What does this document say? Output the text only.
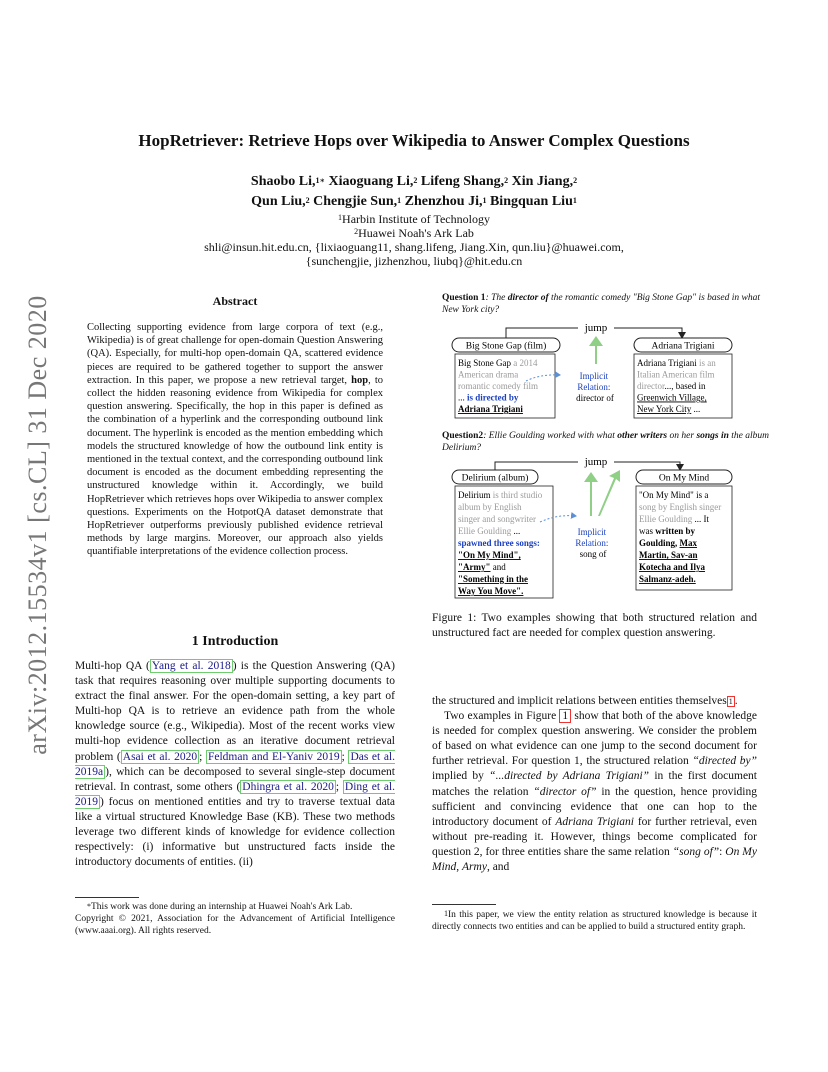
arXiv:2012.15534v1 [cs.CL] 31 Dec 2020
HopRetriever: Retrieve Hops over Wikipedia to Answer Complex Questions
Shaobo Li,$^{1∗}$ Xiaoguang Li,$^2$ Lifeng Shang,$^2$ Xin Jiang,$^2$
Qun Liu,$^2$ Chengjie Sun,$^1$ Zhenzhou Ji,$^1$ Bingquan Liu$^1$
$^1$Harbin Institute of Technology
$^2$Huawei Noah's Ark Lab
shli@insun.hit.edu.cn, {lixiaoguang11, shang.lifeng, Jiang.Xin, qun.liu}@huawei.com,
{sunchengjie, jizhenzhou, liubq}@hit.edu.cn
Abstract
Collecting supporting evidence from large corpora of text (e.g., Wikipedia) is of great challenge for open-domain Question Answering (QA). Especially, for multi-hop open-domain QA, scattered evidence pieces are required to be gathered together to support the answer extraction. In this paper, we propose a new retrieval target, hop, to collect the hidden reasoning evidence from Wikipedia for complex question answering. Specifically, the hop in this paper is defined as the combination of a hyperlink and the corresponding outbound link document. The hyperlink is encoded as the mention embedding which models the structured knowledge of how the outbound link entity is mentioned in the textual context, and the corresponding outbound link document is encoded as the document embedding representing the unstructured knowledge within it. Accordingly, we build HopRetriever which retrieves hops over Wikipedia to answer complex questions. Experiments on the HotpotQA dataset demonstrate that HopRetriever outperforms previously published evidence retrieval methods by large margins. Moreover, our approach also yields quantifiable interpretations of the evidence collection process.
1 Introduction
Multi-hop QA ( Yang et al. 2018 ) is the Question Answering (QA) task that requires reasoning over multiple supporting documents to extract the final answer. For the open-domain setting, a key part of Multi-hop QA is to retrieve an evidence path from the whole knowledge source (e.g., Wikipedia). Most of the recent works view multi-hop evidence collection as an iterative document retrieval problem ( Asai et al. 2020 ; Feldman and El-Yaniv 2019 ; Das et al. 2019a ), which can be decomposed to several single-step document retrieval. In contrast, some others ( Dhingra et al. 2020 ; Ding et al. 2019 ) focus on mentioned entities and try to traverse textual data like a virtual structured Knowledge Base (KB). These two methods leverage two different kinds of knowledge for evidence collection respectively: (i) informative but unstructured facts inside the introductory documents of entities. (ii)

*This work was done during an internship at Huawei Noah's Ark Lab.

Copyright © 2021, Association for the Advancement of Artificial Intelligence (www.aaai.org). All rights reserved.

Question 1: The director of the romantic comedy "Big Stone Gap" is based in what New York city?
jump
Big Stone Gap (film)	Adriana Trigiani
Big Stone Gap a 2014 American drama romantic comedy film ... is directed by Adriana Trigiani
Adriana Trigiani is an Italian American film director..., based in Greenwich Village, New York City ...
Implicit Relation: director of
Question2: Ellie Goulding worked with what other writers on her songs in the album Delirium?
jump
Delirium (album)	On My Mind
Delirium is third studio album by English singer and songwriter Ellie Goulding ... spawned three songs: "On My Mind", "Army" and "Something in the Way You Move".
"On My Mind" is a song by English singer Ellie Goulding ... It was written by Goulding, Max Martin, Sav-an Kotecha and Ilya Salmanz-adeh.
Implicit Relation: song of
Figure 1: Two examples showing that both structured relation and unstructured fact are needed for complex question answering.

the structured and implicit relations between entities themselves $^1$ .

Two examples in Figure 1 show that both of the above knowledge is needed for complex question answering. We consider the problem of based on what evidence can one jump to the second document for further retrieval. For question 1, the structured relation “directed by” implied by “...directed by Adriana Trigiani” in the first document matches the relation “director of” in the question, hence providing sufficient and convincing evidence that one can hop to the introductory document of Adriana Trigiani for further retrieval, even without pre-reading it. However, things become complicated for question 2, for three entities share the same relation “song of”: On My Mind, Army, and

$^1$In this paper, we view the entity relation as structured knowledge is because it directly connects two entities and can be applied to build a structured entity graph.
